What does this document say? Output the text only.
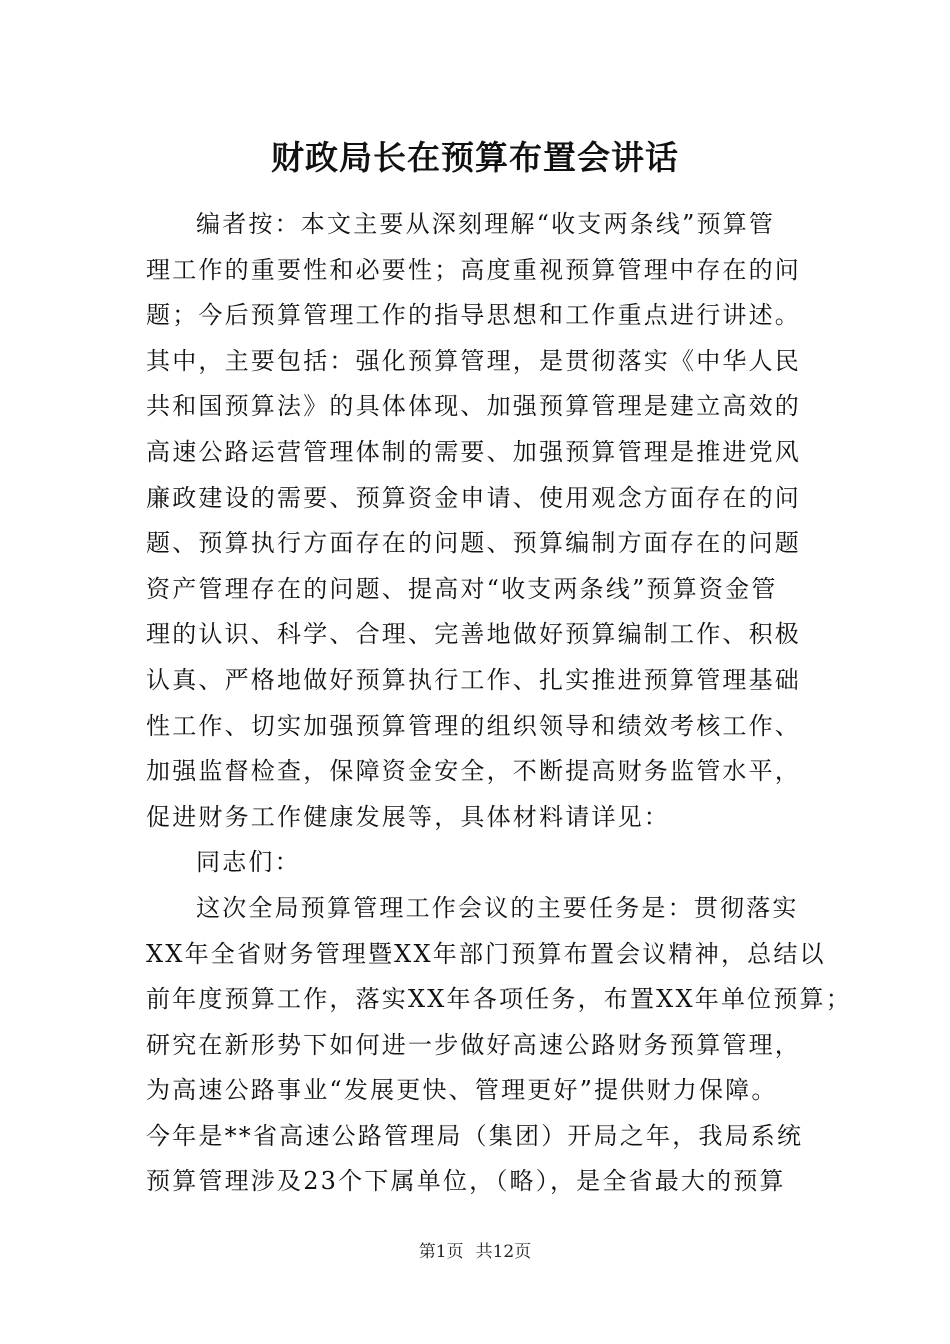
财政局长在预算布置会讲话
编者按：本文主要从深刻理解“收支两条线”预算管
理工作的重要性和必要性；高度重视预算管理中存在的问
题；今后预算管理工作的指导思想和工作重点进行讲述。
其中，主要包括：强化预算管理，是贯彻落实《中华人民
共和国预算法》的具体体现、加强预算管理是建立高效的
高速公路运营管理体制的需要、加强预算管理是推进党风
廉政建设的需要、预算资金申请、使用观念方面存在的问
题、预算执行方面存在的问题、预算编制方面存在的问题
资产管理存在的问题、提高对“收支两条线”预算资金管
理的认识、科学、合理、完善地做好预算编制工作、积极
认真、严格地做好预算执行工作、扎实推进预算管理基础
性工作、切实加强预算管理的组织领导和绩效考核工作、
加强监督检查，保障资金安全，不断提高财务监管水平，
促进财务工作健康发展等，具体材料请详见：
同志们：
这次全局预算管理工作会议的主要任务是：贯彻落实
XX年全省财务管理暨XX年部门预算布置会议精神，总结以
前年度预算工作，落实XX年各项任务，布置XX年单位预算；
研究在新形势下如何进一步做好高速公路财务预算管理，
为高速公路事业“发展更快、管理更好”提供财力保障。
今年是**省高速公路管理局（集团）开局之年，我局系统
预算管理涉及23个下属单位，（略），是全省最大的预算
第1页 共12页
